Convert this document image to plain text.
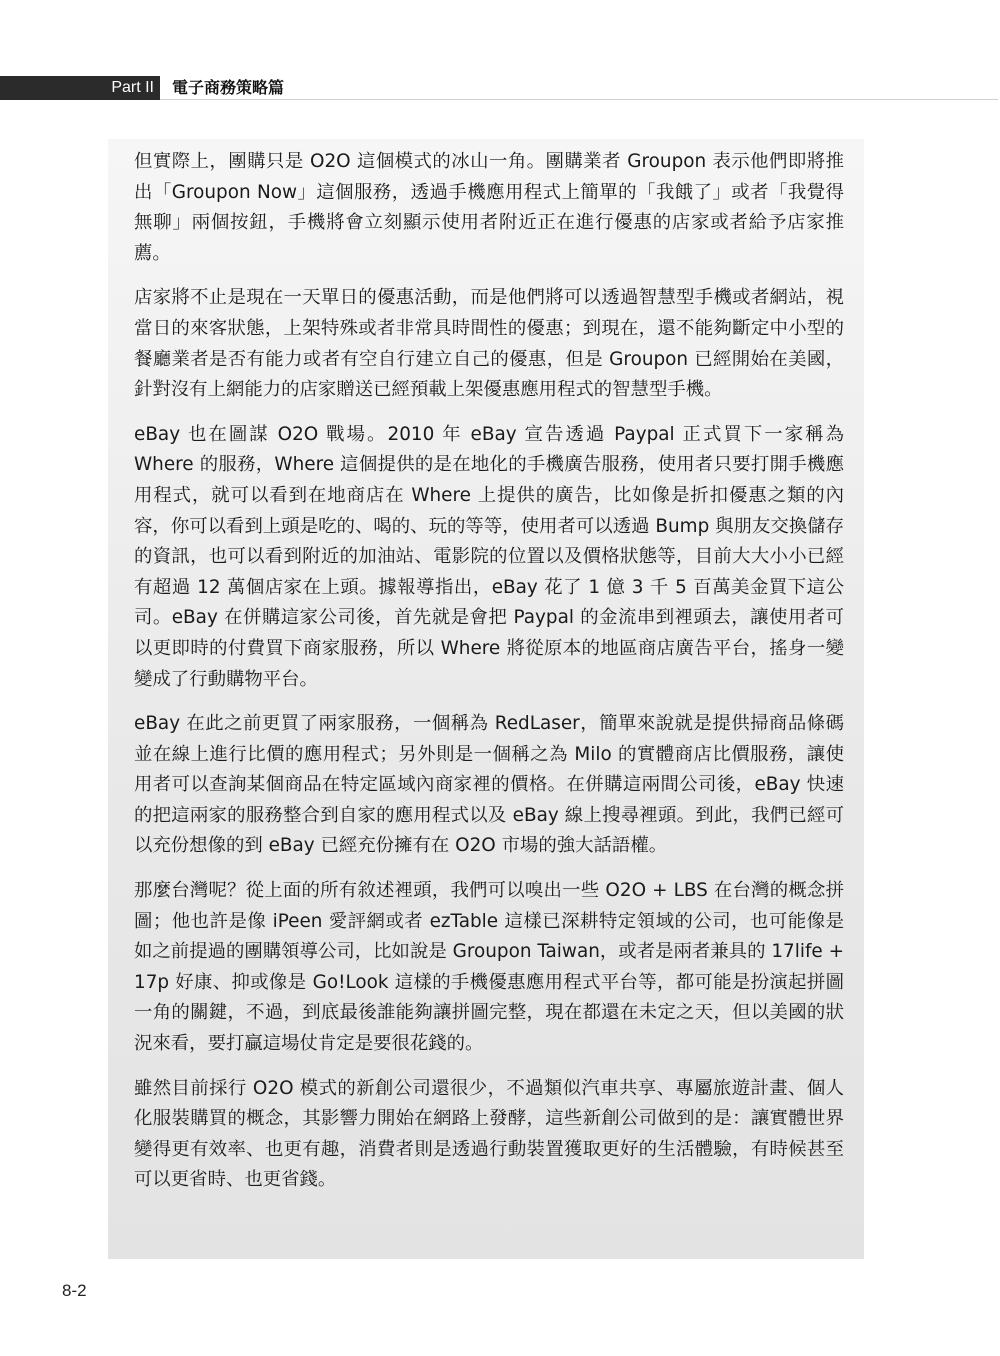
Part II 電子商務策略篇

但實際上，團購只是 O2O 這個模式的冰山一角。團購業者 Groupon 表示他們即將推出「Groupon Now」這個服務，透過手機應用程式上簡單的「我餓了」或者「我覺得無聊」兩個按鈕，手機將會立刻顯示使用者附近正在進行優惠的店家或者給予店家推薦。

店家將不止是現在一天單日的優惠活動，而是他們將可以透過智慧型手機或者網站，視當日的來客狀態，上架特殊或者非常具時間性的優惠；到現在，還不能夠斷定中小型的餐廳業者是否有能力或者有空自行建立自己的優惠，但是 Groupon 已經開始在美國，針對沒有上網能力的店家贈送已經預載上架優惠應用程式的智慧型手機。

eBay 也在圖謀 O2O 戰場。2010 年 eBay 宣告透過 Paypal 正式買下一家稱為 Where 的服務，Where 這個提供的是在地化的手機廣告服務，使用者只要打開手機應用程式，就可以看到在地商店在 Where 上提供的廣告，比如像是折扣優惠之類的內容，你可以看到上頭是吃的、喝的、玩的等等，使用者可以透過 Bump 與朋友交換儲存的資訊，也可以看到附近的加油站、電影院的位置以及價格狀態等，目前大大小小已經有超過 12 萬個店家在上頭。據報導指出，eBay 花了 1 億 3 千 5 百萬美金買下這公司。eBay 在併購這家公司後，首先就是會把 Paypal 的金流串到裡頭去，讓使用者可以更即時的付費買下商家服務，所以 Where 將從原本的地區商店廣告平台，搖身一變變成了行動購物平台。

eBay 在此之前更買了兩家服務，一個稱為 RedLaser，簡單來說就是提供掃商品條碼並在線上進行比價的應用程式；另外則是一個稱之為 Milo 的實體商店比價服務，讓使用者可以查詢某個商品在特定區域內商家裡的價格。在併購這兩間公司後，eBay 快速的把這兩家的服務整合到自家的應用程式以及 eBay 線上搜尋裡頭。到此，我們已經可以充份想像的到 eBay 已經充份擁有在 O2O 市場的強大話語權。

那麼台灣呢？從上面的所有敘述裡頭，我們可以嗅出一些 O2O + LBS 在台灣的概念拼圖；他也許是像 iPeen 愛評網或者 ezTable 這樣已深耕特定領域的公司，也可能像是如之前提過的團購領導公司，比如說是 Groupon Taiwan，或者是兩者兼具的 17life + 17p 好康、抑或像是 Go!Look 這樣的手機優惠應用程式平台等，都可能是扮演起拼圖一角的關鍵，不過，到底最後誰能夠讓拼圖完整，現在都還在未定之天，但以美國的狀況來看，要打贏這場仗肯定是要很花錢的。

雖然目前採行 O2O 模式的新創公司還很少，不過類似汽車共享、專屬旅遊計畫、個人化服裝購買的概念，其影響力開始在網路上發酵，這些新創公司做到的是：讓實體世界變得更有效率、也更有趣，消費者則是透過行動裝置獲取更好的生活體驗，有時候甚至可以更省時、也更省錢。

8-2
